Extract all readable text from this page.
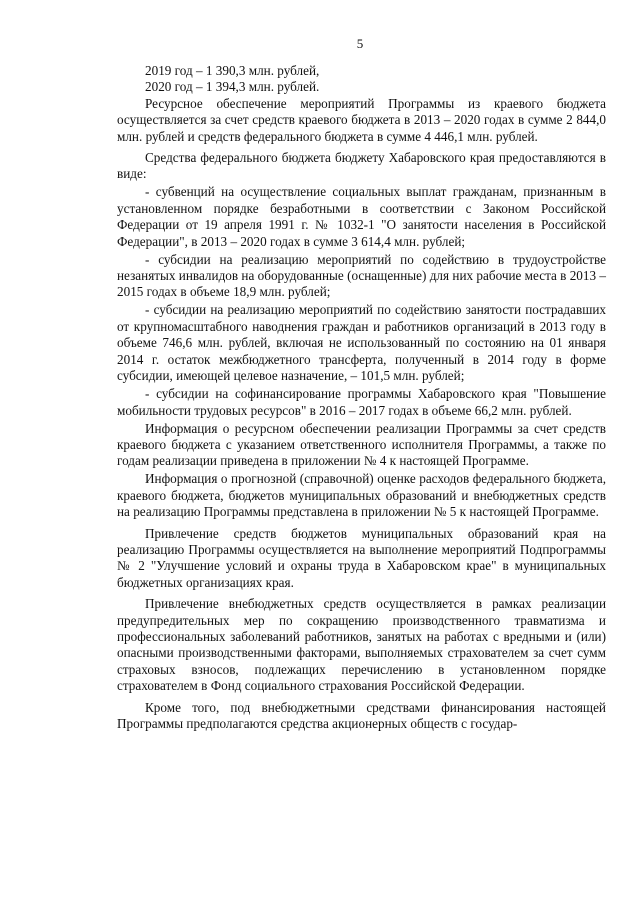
5

2019 год – 1 390,3 млн. рублей,

2020 год – 1 394,3 млн. рублей.

Ресурсное обеспечение мероприятий Программы из краевого бюджета осуществляется за счет средств краевого бюджета в 2013 – 2020 годах в сумме 2 844,0 млн. рублей и средств федерального бюджета в сумме 4 446,1 млн. рублей.

Средства федерального бюджета бюджету Хабаровского края предоставляются в виде:

- субвенций на осуществление социальных выплат гражданам, признанным в установленном порядке безработными в соответствии с Законом Российской Федерации от 19 апреля 1991 г. № 1032-1 "О занятости населения в Российской Федерации", в 2013 – 2020 годах в сумме 3 614,4 млн. рублей;

- субсидии на реализацию мероприятий по содействию в трудоустройстве незанятых инвалидов на оборудованные (оснащенные) для них рабочие места в 2013 – 2015 годах в объеме 18,9 млн. рублей;

- субсидии на реализацию мероприятий по содействию занятости пострадавших от крупномасштабного наводнения граждан и работников организаций в 2013 году в объеме 746,6 млн. рублей, включая не использованный по состоянию на 01 января 2014 г. остаток межбюджетного трансферта, полученный в 2014 году в форме субсидии, имеющей целевое назначение, – 101,5 млн. рублей;

- субсидии на софинансирование программы Хабаровского края "Повышение мобильности трудовых ресурсов" в 2016 – 2017 годах в объеме 66,2 млн. рублей.

Информация о ресурсном обеспечении реализации Программы за счет средств краевого бюджета с указанием ответственного исполнителя Программы, а также по годам реализации приведена в приложении № 4 к настоящей Программе.

Информация о прогнозной (справочной) оценке расходов федерального бюджета, краевого бюджета, бюджетов муниципальных образований и внебюджетных средств на реализацию Программы представлена в приложении № 5 к настоящей Программе.

Привлечение средств бюджетов муниципальных образований края на реализацию Программы осуществляется на выполнение мероприятий Подпрограммы № 2 "Улучшение условий и охраны труда в Хабаровском крае" в муниципальных бюджетных организациях края.

Привлечение внебюджетных средств осуществляется в рамках реализации предупредительных мер по сокращению производственного травматизма и профессиональных заболеваний работников, занятых на работах с вредными и (или) опасными производственными факторами, выполняемых страхователем за счет сумм страховых взносов, подлежащих перечислению в установленном порядке страхователем в Фонд социального страхования Российской Федерации.

Кроме того, под внебюджетными средствами финансирования настоящей Программы предполагаются средства акционерных обществ с государ-
